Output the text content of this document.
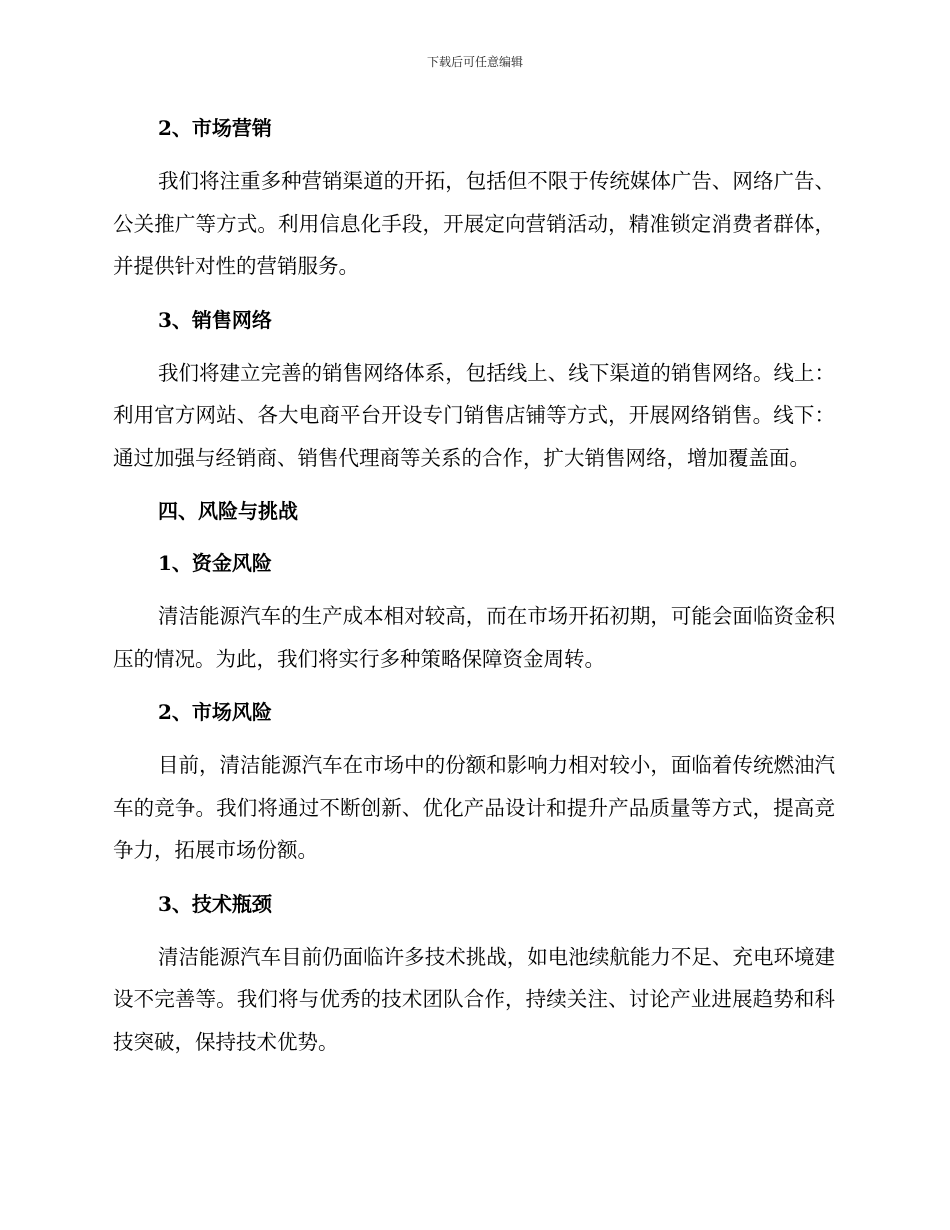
下载后可任意编辑
2、市场营销

我们将注重多种营销渠道的开拓，包括但不限于传统媒体广告、网络广告、公关推广等方式。利用信息化手段，开展定向营销活动，精准锁定消费者群体，并提供针对性的营销服务。

3、销售网络

我们将建立完善的销售网络体系，包括线上、线下渠道的销售网络。线上：利用官方网站、各大电商平台开设专门销售店铺等方式，开展网络销售。线下：通过加强与经销商、销售代理商等关系的合作，扩大销售网络，增加覆盖面。

四、风险与挑战
1、资金风险

清洁能源汽车的生产成本相对较高，而在市场开拓初期，可能会面临资金积压的情况。为此，我们将实行多种策略保障资金周转。

2、市场风险

目前，清洁能源汽车在市场中的份额和影响力相对较小，面临着传统燃油汽车的竞争。我们将通过不断创新、优化产品设计和提升产品质量等方式，提高竞争力，拓展市场份额。

3、技术瓶颈

清洁能源汽车目前仍面临许多技术挑战，如电池续航能力不足、充电环境建设不完善等。我们将与优秀的技术团队合作，持续关注、讨论产业进展趋势和科技突破，保持技术优势。
